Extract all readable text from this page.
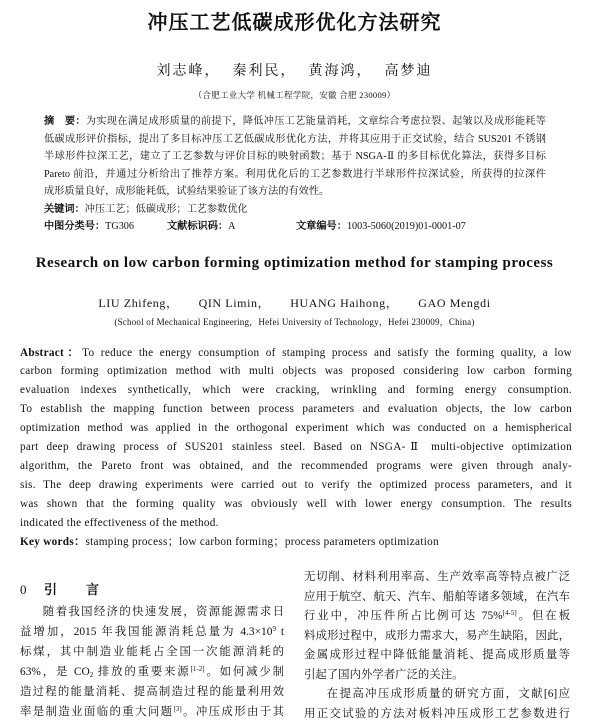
冲压工艺低碳成形优化方法研究
刘志峰， 秦利民， 黄海鸿， 高梦迪
（合肥工业大学 机械工程学院，安徽 合肥 230009）
摘　要：为实现在满足成形质量的前提下，降低冲压工艺能量消耗，文章综合考虑拉裂、起皱以及成形能耗等
低碳成形评价指标，提出了多目标冲压工艺低碳成形优化方法，并将其应用于正交试验，结合 SUS201 不锈钢
半球形件拉深工艺，建立了工艺参数与评价目标的映射函数；基于 NSGA-Ⅱ 的多目标优化算法，获得多目标
Pareto 前沿，并通过分析给出了推荐方案。利用优化后的工艺参数进行半球形件拉深试验，所获得的拉深件
成形质量良好，成形能耗低，试验结果验证了该方法的有效性。
关键词：冲压工艺；低碳成形；工艺参数优化
中图分类号：TG306	文献标识码：A	文章编号：1003-5060(2019)01-0001-07
Research on low carbon forming optimization method for stamping process
LIU Zhifeng， QIN Limin， HUANG Haihong， GAO Mengdi
(School of Mechanical Engineering，Hefei University of Technology，Hefei 230009，China)
Abstract：To reduce the energy consumption of stamping process and satisfy the forming quality, a low
carbon forming optimization method with multi objects was proposed considering low carbon forming
evaluation indexes synthetically, which were cracking, wrinkling and forming energy consumption.
To establish the mapping function between process parameters and evaluation objects, the low carbon
optimization method was applied in the orthogonal experiment which was conducted on a hemispherical
part deep drawing process of SUS201 stainless steel. Based on NSGA-Ⅱ multi-objective optimization
algorithm, the Pareto front was obtained, and the recommended programs were given through analy-
sis. The deep drawing experiments were carried out to verify the optimized process parameters, and it
was shown that the forming quality was obviously well with lower energy consumption. The results
indicated the effectiveness of the method.
Key words：stamping process；low carbon forming；process parameters optimization
0 引　言
随着我国经济的快速发展，资源能源需求日
益增加，2015 年我国能源消耗总量为 $4.3\times 10^9$ t
标煤，其中制造业能耗占全国一次能源消耗的
63%，是 $CO_2$ 排放的重要来源[1-2]。如何减少制
造过程的能量消耗、提高制造过程的能量利用效
率是制造业面临的重大问题[3]。冲压成形由于其
无切削、材料利用率高、生产效率高等特点被广泛
应用于航空、航天、汽车、船舶等诸多领域，在汽车
行业中，冲压件所占比例可达 75%[4-5]。但在板
料成形过程中，成形力需求大，易产生缺陷，因此，
金属成形过程中降低能量消耗、提高成形质量等
引起了国内外学者广泛的关注。
在提高冲压成形质量的研究方面，文献[6]应
用正交试验的方法对板料冲压成形工艺参数进行
